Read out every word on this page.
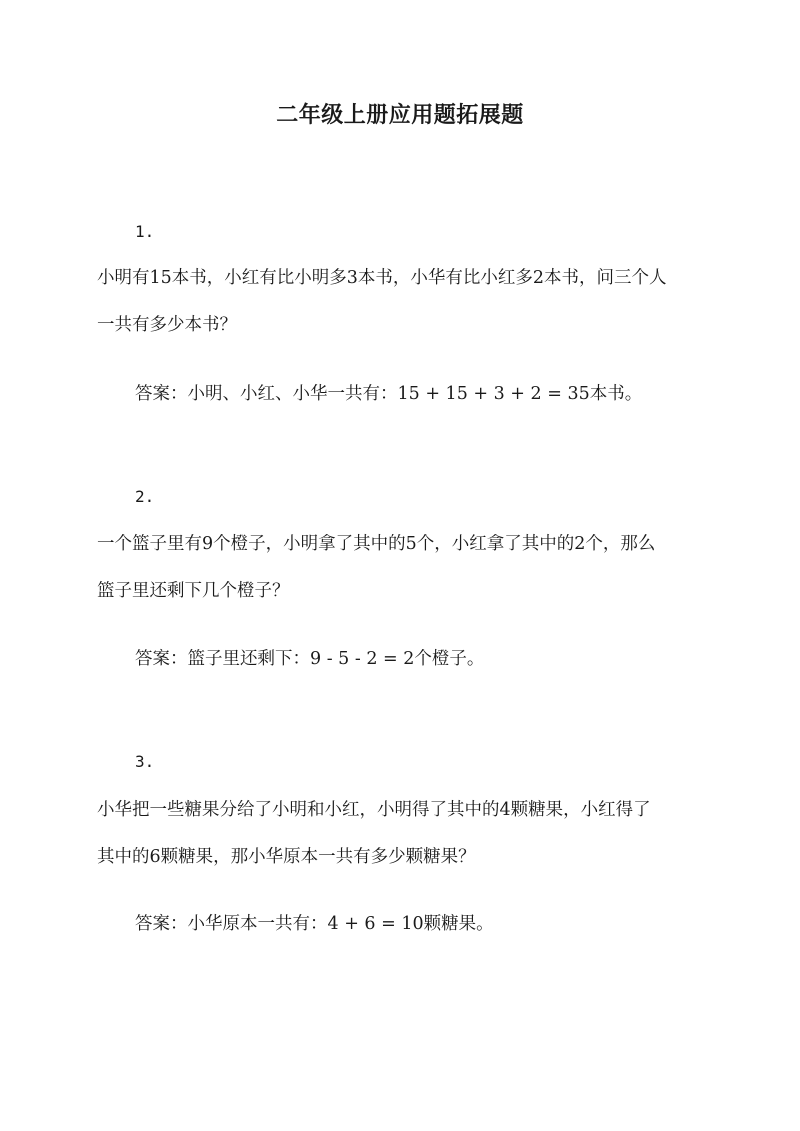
二年级上册应用题拓展题
1.
小明有15本书，小红有比小明多3本书，小华有比小红多2本书，问三个人
一共有多少本书？
答案：小明、小红、小华一共有：15 + 15 + 3 + 2 = 35本书。
2.
一个篮子里有9个橙子，小明拿了其中的5个，小红拿了其中的2个，那么
篮子里还剩下几个橙子？
答案：篮子里还剩下：9 - 5 - 2 = 2个橙子。
3.
小华把一些糖果分给了小明和小红，小明得了其中的4颗糖果，小红得了
其中的6颗糖果，那小华原本一共有多少颗糖果？
答案：小华原本一共有：4 + 6 = 10颗糖果。
